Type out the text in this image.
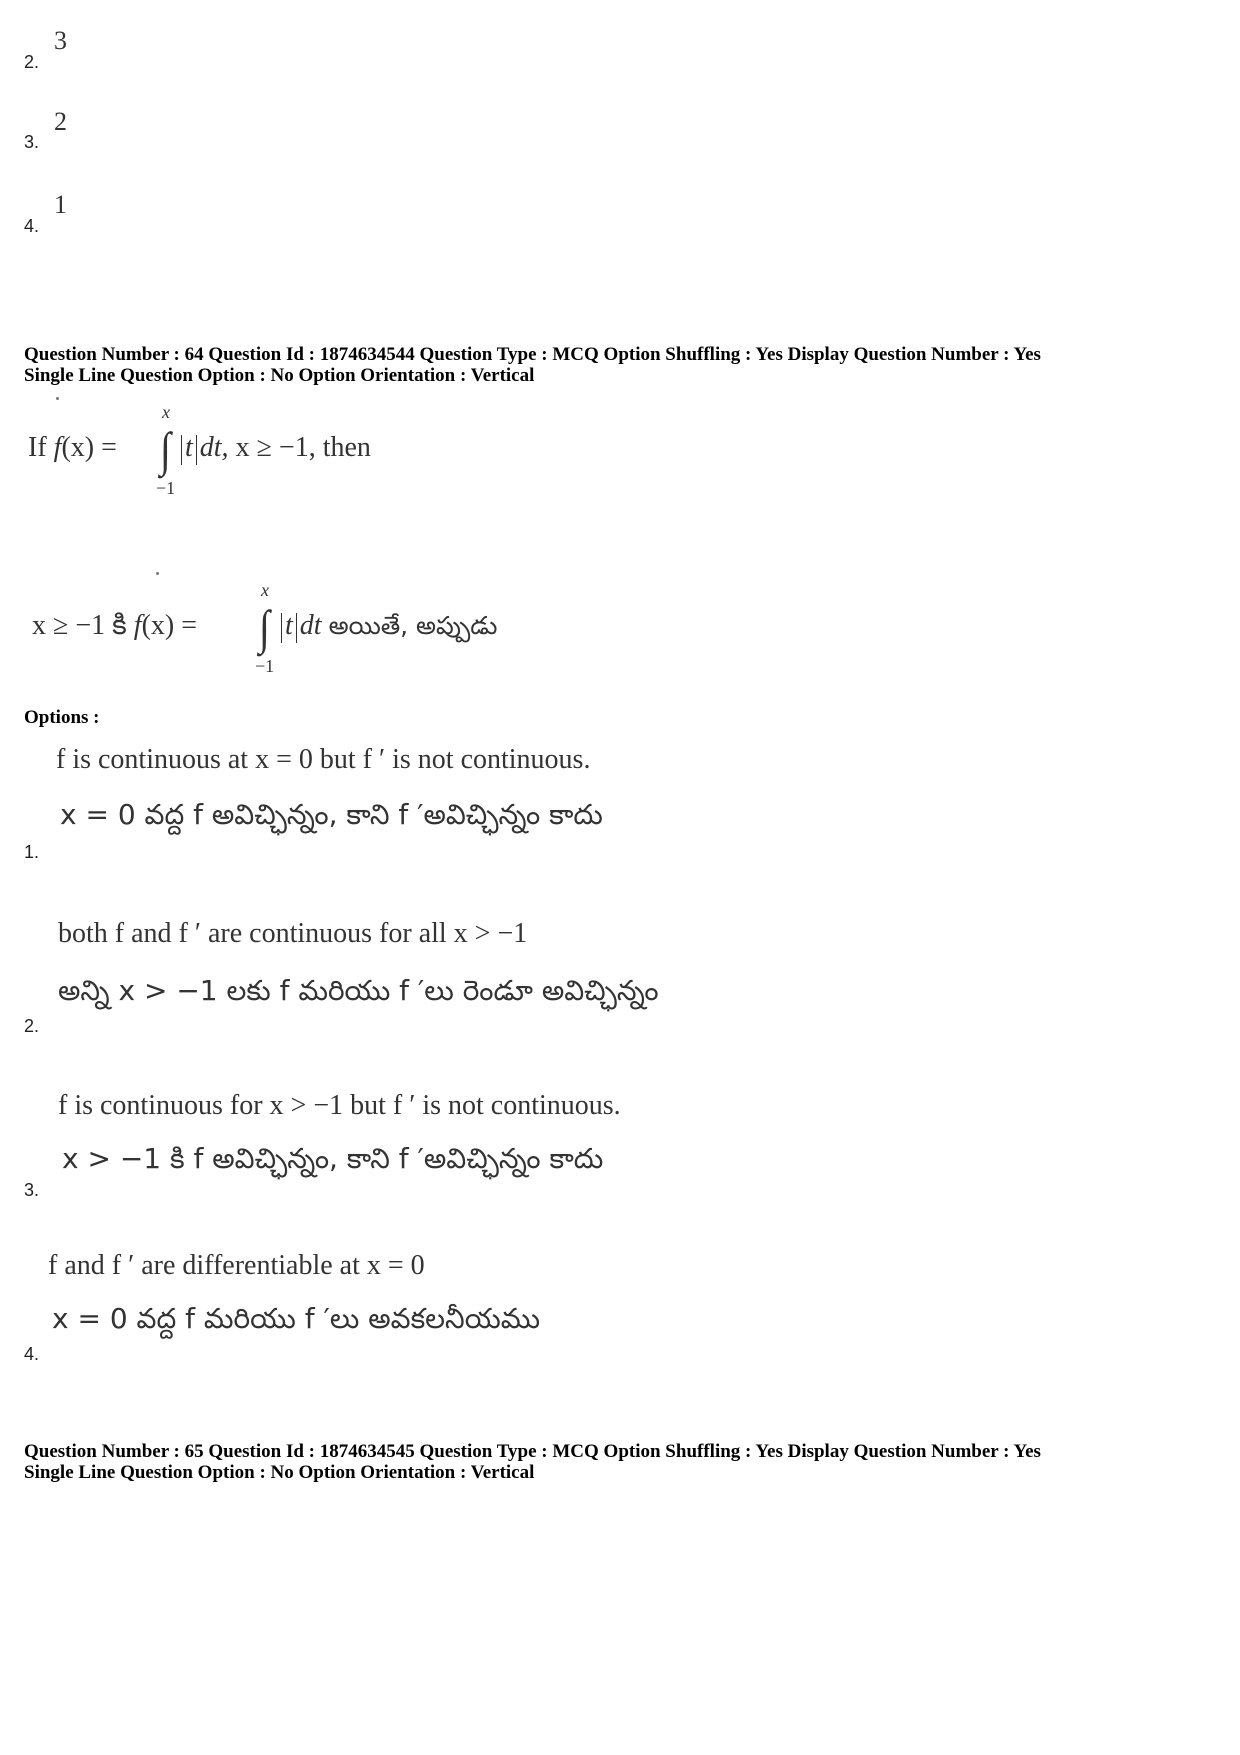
2.
3
3.
2
4.
1
Question Number : 64 Question Id : 1874634544 Question Type : MCQ Option Shuffling : Yes Display Question Number : Yes
Single Line Question Option : No Option Orientation : Vertical
If f(x) =
x
∫
−1
t dt, x ≥ −1, then
x ≥ −1 కి f(x) =
x
∫
−1
t dt అయితే, అప్పుడు
Options :
f is continuous at x = 0 but f ′ is not continuous.
x = 0 వద్ద f అవిచ్ఛిన్నం, కాని f ′అవిచ్ఛిన్నం కాదు
1.
both f and f ′ are continuous for all x > −1
అన్ని x > −1 లకు f మరియు f ′లు రెండూ అవిచ్ఛిన్నం
2.
f is continuous for x > −1 but f ′ is not continuous.
x > −1 కి f అవిచ్ఛిన్నం, కాని f ′అవిచ్ఛిన్నం కాదు
3.
f and f ′ are differentiable at x = 0
x = 0 వద్ద f మరియు f ′లు అవకలనీయము
4.
Question Number : 65 Question Id : 1874634545 Question Type : MCQ Option Shuffling : Yes Display Question Number : Yes
Single Line Question Option : No Option Orientation : Vertical
